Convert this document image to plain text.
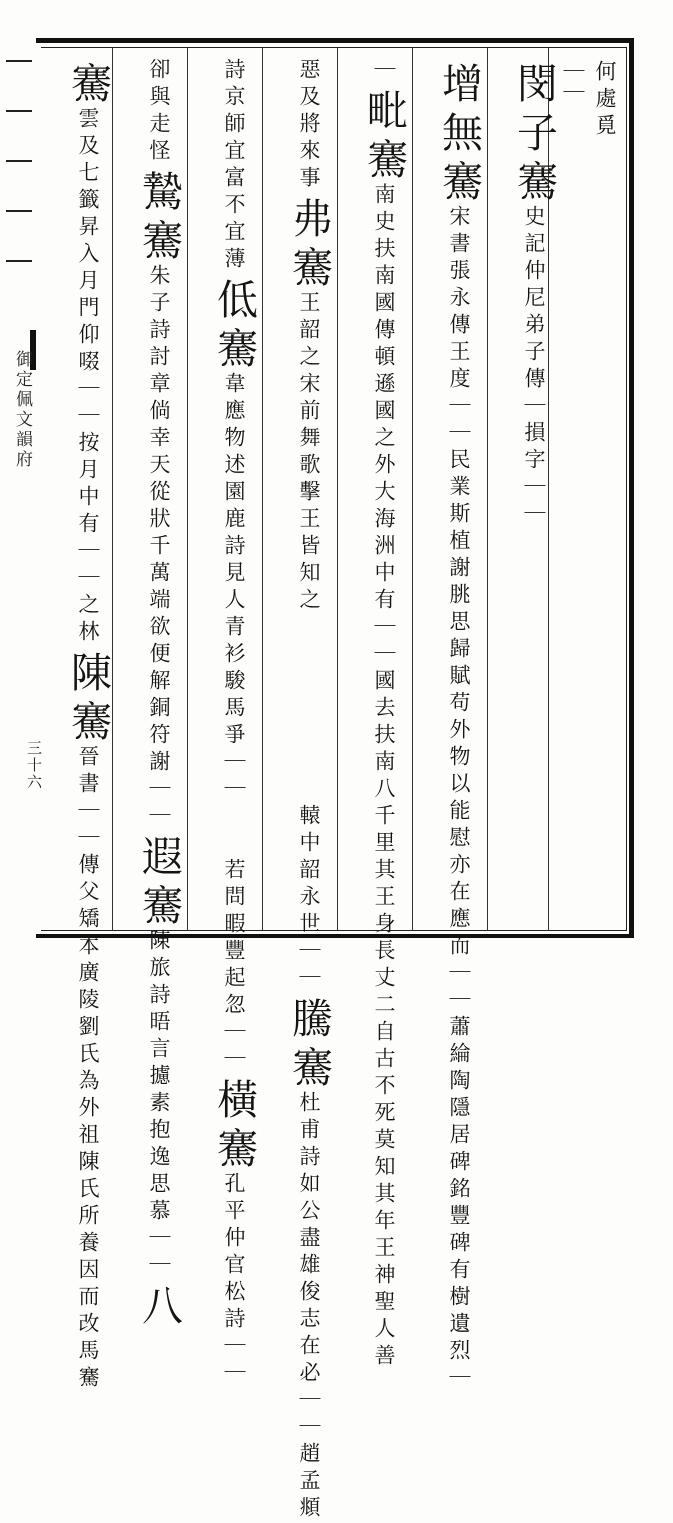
御定佩文韻府
三十六
何處覓
｜｜
閔子騫史記仲尼弟子傳｜損字｜｜
增無騫宋書張永傳王度｜｜民業斯植謝朓思歸賦苟外物以能慰亦在應而｜｜蕭綸陶隱居碑銘豐碑有樹遺烈｜
｜毗騫南史扶南國傳頓遜國之外大海洲中有｜｜國去扶南八千里其王身長丈二自古不死莫知其年王神聖人善
惡及將來事弗騫王韶之宋前舞歌擊王皆知之　　　　　　　轅中韶永世｜｜騰騫杜甫詩如公盡雄俊志在必｜｜趙孟頫
詩京師宜富不宜薄低騫韋應物述園鹿詩見人青衫駿馬爭｜｜　　若問暇豐起忽｜｜橫騫孔平仲官松詩｜｜
卻與走怪騺騫朱子詩討章倘幸天從狀千萬端欲便解銅符謝｜｜遐騫陳旅詩晤言攄素抱逸思慕｜｜八
騫雲及七籤昇入月門仰啜｜｜按月中有｜｜之林陳騫晉書｜｜傳父矯本廣陵劉氏為外祖陳氏所養因而改馬騫
